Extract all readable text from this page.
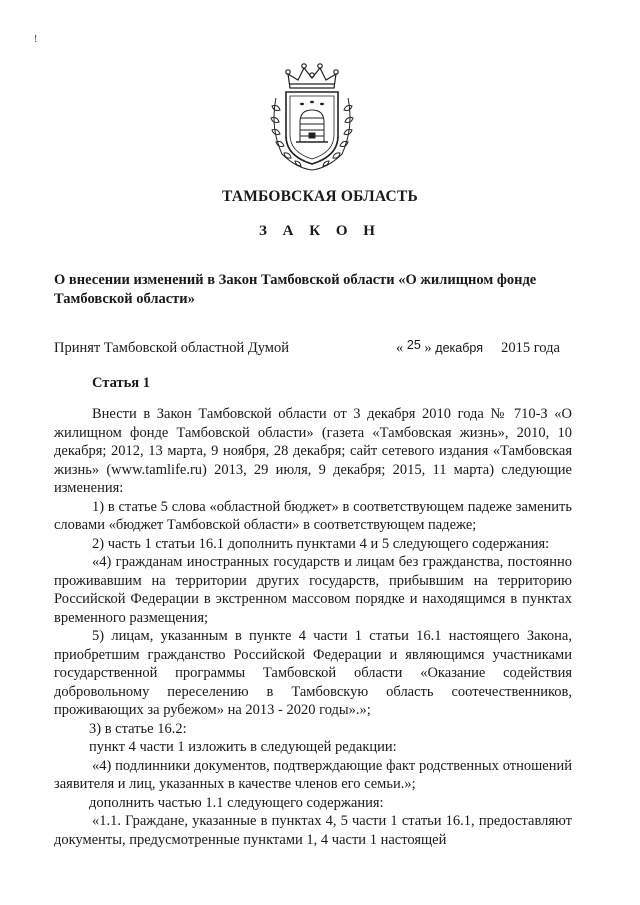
!
ТАМБОВСКАЯ ОБЛАСТЬ
З А К О Н
О внесении изменений в Закон Тамбовской области «О жилищном фонде
Тамбовской области»
Принят Тамбовской областной Думой	« 25 » декабря 2015 года
Статья 1

Внести в Закон Тамбовской области от 3 декабря 2010 года № 710-З «О жилищном фонде Тамбовской области» (газета «Тамбовская жизнь», 2010, 10 декабря; 2012, 13 марта, 9 ноября, 28 декабря; сайт сетевого издания «Тамбовская жизнь» (www.tamlife.ru) 2013, 29 июля, 9 декабря; 2015, 11 марта) следующие изменения:

1) в статье 5 слова «областной бюджет» в соответствующем падеже заменить словами «бюджет Тамбовской области» в соответствующем падеже;

2) часть 1 статьи 16.1 дополнить пунктами 4 и 5 следующего содержания:

«4) гражданам иностранных государств и лицам без гражданства, постоянно проживавшим на территории других государств, прибывшим на территорию Российской Федерации в экстренном массовом порядке и находящимся в пунктах временного размещения;

5) лицам, указанным в пункте 4 части 1 статьи 16.1 настоящего Закона, приобретшим гражданство Российской Федерации и являющимся участниками государственной программы Тамбовской области «Оказание содействия добровольному переселению в Тамбовскую область соотечественников, проживающих за рубежом» на 2013 - 2020 годы».»;

3) в статье 16.2:

пункт 4 части 1 изложить в следующей редакции:

«4) подлинники документов, подтверждающие факт родственных отношений заявителя и лиц, указанных в качестве членов его семьи.»;

дополнить частью 1.1 следующего содержания:

«1.1. Граждане, указанные в пунктах 4, 5 части 1 статьи 16.1, предоставляют документы, предусмотренные пунктами 1, 4 части 1 настоящей
